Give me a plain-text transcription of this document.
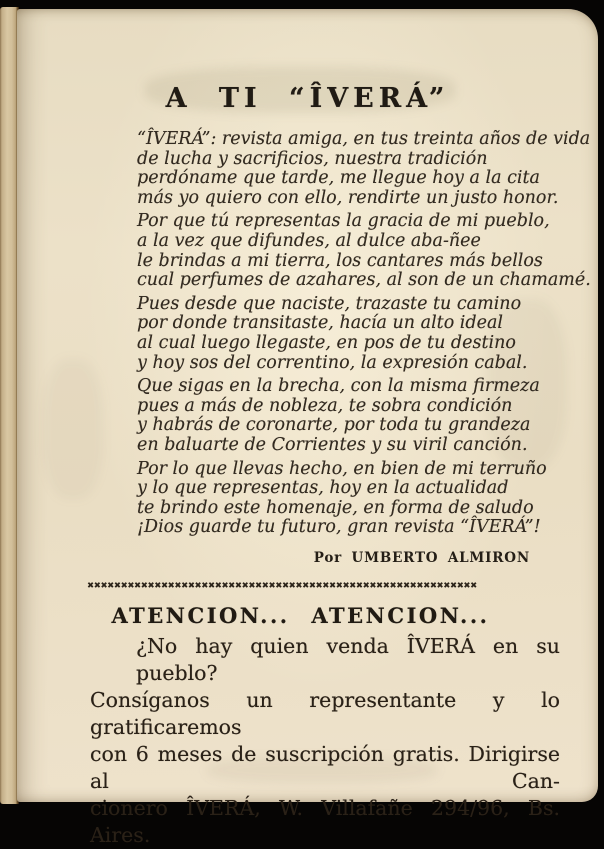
A TI “ÎVERÁ”
“ÎVERÁ”: revista amiga, en tus treinta años de vida
de lucha y sacrificios, nuestra tradición
perdóname que tarde, me llegue hoy a la cita
más yo quiero con ello, rendirte un justo honor.
Por que tú representas la gracia de mi pueblo,
a la vez que difundes, al dulce aba-ñee
le brindas a mi tierra, los cantares más bellos
cual perfumes de azahares, al son de un chamamé.
Pues desde que naciste, trazaste tu camino
por donde transitaste, hacía un alto ideal
al cual luego llegaste, en pos de tu destino
y hoy sos del correntino, la expresión cabal.
Que sigas en la brecha, con la misma firmeza
pues a más de nobleza, te sobra condición
y habrás de coronarte, por toda tu grandeza
en baluarte de Corrientes y su viril canción.
Por lo que llevas hecho, en bien de mi terruño
y lo que representas, hoy en la actualidad
te brindo este homenaje, en forma de saludo
¡Dios guarde tu futuro, gran revista “ÎVERÁ”!
Por UMBERTO ALMIRON
✖✖✖✖✖✖✖✖✖✖✖✖✖✖✖✖✖✖✖✖✖✖✖✖✖✖✖✖✖✖✖✖✖✖✖✖✖✖✖✖✖✖✖✖✖✖✖✖✖✖✖✖✖✖✖✖✖✖
ATENCION... ATENCION...
¿No hay quien venda ÎVERÁ en su pueblo?
Consíganos un representante y lo gratificaremos
con 6 meses de suscripción gratis. Dirigirse al Can-
cionero ÎVERÁ, W. Villafañe 294/96, Bs. Aires.
